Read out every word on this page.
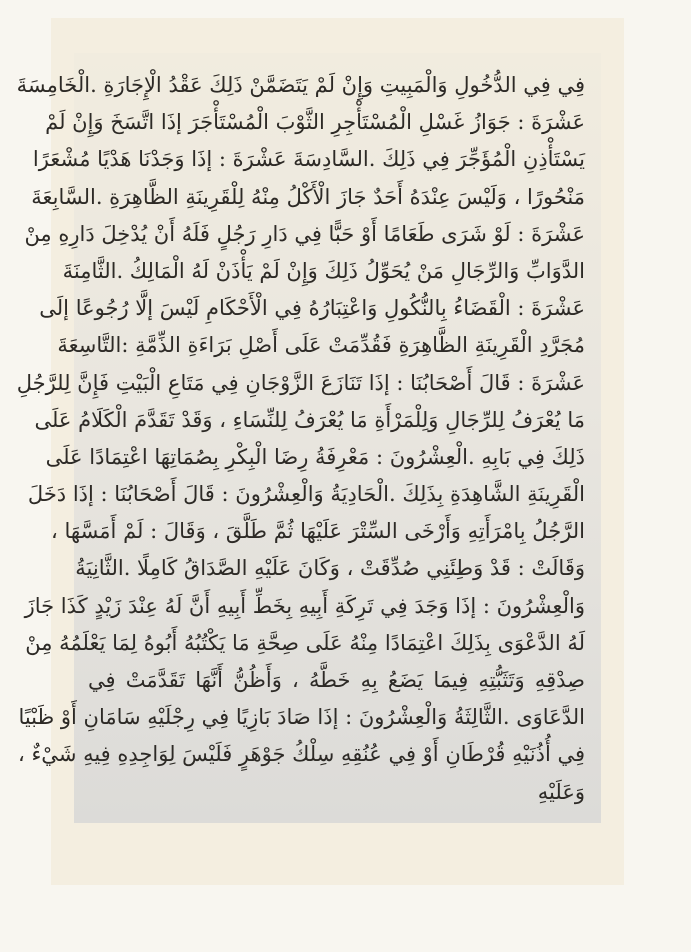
فِي فِي الدُّخُولِ وَالْمَبِيتِ وَإِنْ لَمْ يَتَضَمَّنْ ذَلِكَ عَقْدُ الْإِجَارَةِ .الْخَامِسَةَ
عَشْرَةَ : جَوَازُ غَسْلِ الْمُسْتَأْجِرِ الثَّوْبَ الْمُسْتَأْجَرَ إذَا اتَّسَخَ وَإِنْ لَمْ
يَسْتَأْذِنِ الْمُؤَجِّرَ فِي ذَلِكَ .السَّادِسَةَ عَشْرَةَ : إذَا وَجَدْنَا هَدْيًا مُشْعَرًا
مَنْحُورًا ، وَلَيْسَ عِنْدَهُ أَحَدٌ جَازَ الْأَكْلُ مِنْهُ لِلْقَرِينَةِ الظَّاهِرَةِ .السَّابِعَةَ
عَشْرَةَ : لَوْ شَرَى طَعَامًا أَوْ حَبًّا فِي دَارِ رَجُلٍ فَلَهُ أَنْ يُدْخِلَ دَارِهِ مِنْ
الدَّوَابِّ وَالرِّجَالِ مَنْ يُحَوِّلُ ذَلِكَ وَإِنْ لَمْ يَأْذَنْ لَهُ الْمَالِكُ .الثَّامِنَةَ
عَشْرَةَ : الْقَضَاءُ بِالنُّكُولِ وَاعْتِبَارُهُ فِي الْأَحْكَامِ لَيْسَ إلَّا رُجُوعًا إلَى
مُجَرَّدِ الْقَرِينَةِ الظَّاهِرَةِ فَقُدِّمَتْ عَلَى أَصْلِ بَرَاءَةِ الذِّمَّةِ :التَّاسِعَةَ
عَشْرَةَ : قَالَ أَصْحَابُنَا : إذَا تَنَازَعَ الزَّوْجَانِ فِي مَتَاعِ الْبَيْتِ فَإِنَّ لِلرَّجُلِ
مَا يُعْرَفُ لِلرِّجَالِ وَلِلْمَرْأَةِ مَا يُعْرَفُ لِلنِّسَاءِ ، وَقَدْ تَقَدَّمَ الْكَلَامُ عَلَى
ذَلِكَ فِي بَابِهِ .الْعِشْرُونَ : مَعْرِفَةُ رِضَا الْبِكْرِ بِصُمَاتِهَا اعْتِمَادًا عَلَى
الْقَرِينَةِ الشَّاهِدَةِ بِذَلِكَ .الْحَادِيَةُ وَالْعِشْرُونَ : قَالَ أَصْحَابُنَا : إذَا دَخَلَ
الرَّجُلُ بِامْرَأَتِهِ وَأَرْخَى السِّتْرَ عَلَيْهَا ثُمَّ طَلَّقَ ، وَقَالَ : لَمْ أَمَسَّهَا ،
وَقَالَتْ : قَدْ وَطِئَنِي صُدِّقَتْ ، وَكَانَ عَلَيْهِ الصَّدَاقُ كَامِلًا .الثَّانِيَةُ
وَالْعِشْرُونَ : إذَا وَجَدَ فِي تَرِكَةِ أَبِيهِ بِخَطِّ أَبِيهِ أَنَّ لَهُ عِنْدَ زَيْدٍ كَذَا جَازَ
لَهُ الدَّعْوَى بِذَلِكَ اعْتِمَادًا مِنْهُ عَلَى صِحَّةِ مَا يَكْتُبُهُ أَبُوهُ لِمَا يَعْلَمُهُ مِنْ
صِدْقِهِ وَتَثَبُّتِهِ فِيمَا يَضَعُ بِهِ خَطَّهُ ، وَأَظُنُّ أَنَّهَا تَقَدَّمَتْ فِي
الدَّعَاوَى .الثَّالِثَةُ وَالْعِشْرُونَ : إذَا صَادَ بَازِيًا فِي رِجْلَيْهِ سَامَانِ أَوْ ظَبْيًا
فِي أُذُنَيْهِ قُرْطَانِ أَوْ فِي عُنُقِهِ سِلْكُ جَوْهَرٍ فَلَيْسَ لِوَاجِدِهِ فِيهِ شَيْءٌ ،
وَعَلَيْهِ
